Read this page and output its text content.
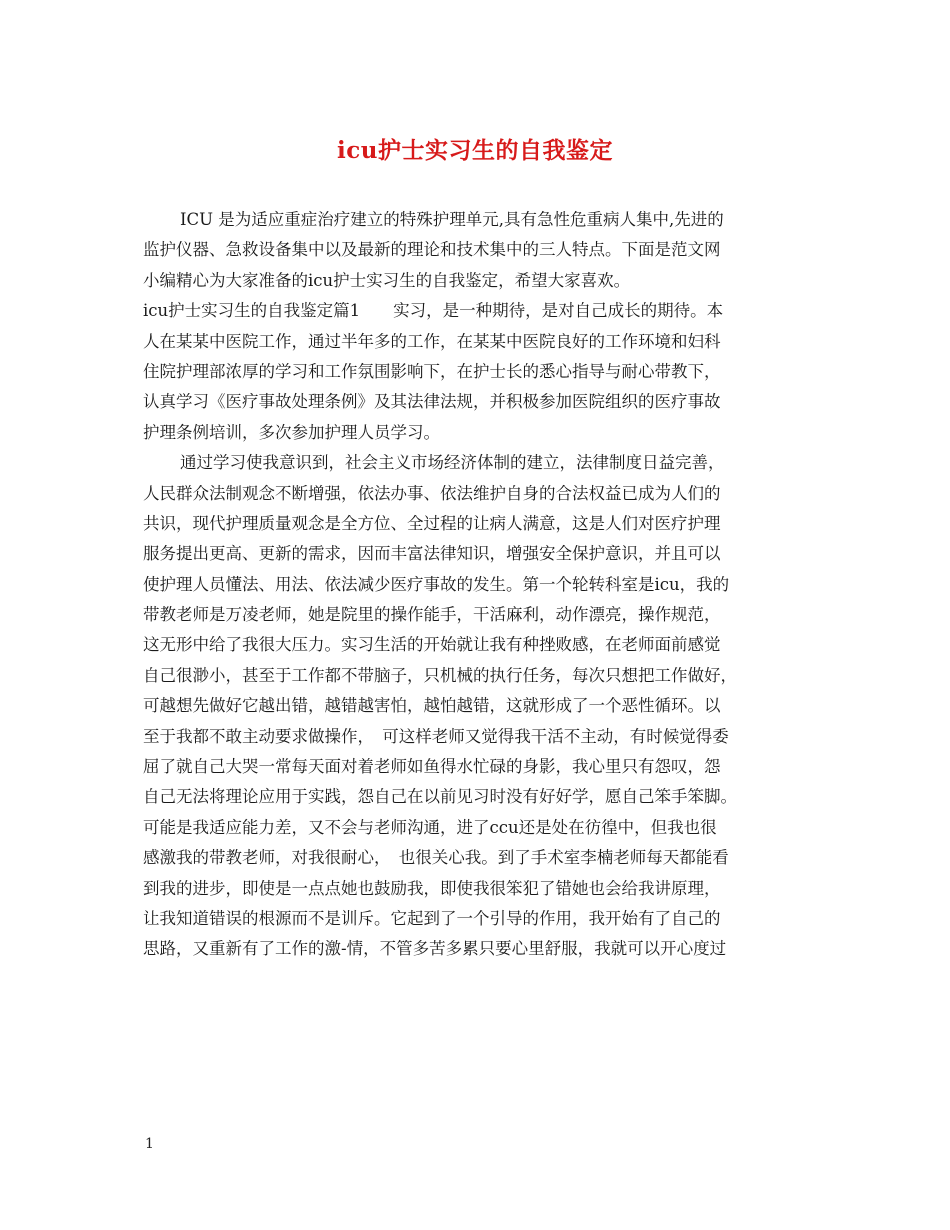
icu护士实习生的自我鉴定
ICU 是为适应重症治疗建立的特殊护理单元,具有急性危重病人集中,先进的
监护仪器、急救设备集中以及最新的理论和技术集中的三人特点。下面是范文网
小编精心为大家准备的icu护士实习生的自我鉴定，希望大家喜欢。
icu护士实习生的自我鉴定篇1　　实习，是一种期待，是对自己成长的期待。本
人在某某中医院工作，通过半年多的工作，在某某中医院良好的工作环境和妇科
住院护理部浓厚的学习和工作氛围影响下，在护士长的悉心指导与耐心带教下，
认真学习《医疗事故处理条例》及其法律法规，并积极参加医院组织的医疗事故
护理条例培训，多次参加护理人员学习。
通过学习使我意识到，社会主义市场经济体制的建立，法律制度日益完善，
人民群众法制观念不断增强，依法办事、依法维护自身的合法权益已成为人们的
共识，现代护理质量观念是全方位、全过程的让病人满意，这是人们对医疗护理
服务提出更高、更新的需求，因而丰富法律知识，增强安全保护意识，并且可以
使护理人员懂法、用法、依法减少医疗事故的发生。第一个轮转科室是icu，我的
带教老师是万凌老师，她是院里的操作能手，干活麻利，动作漂亮，操作规范，
这无形中给了我很大压力。实习生活的开始就让我有种挫败感，在老师面前感觉
自己很渺小，甚至于工作都不带脑子，只机械的执行任务，每次只想把工作做好，
可越想先做好它越出错，越错越害怕，越怕越错，这就形成了一个恶性循环。以
至于我都不敢主动要求做操作，　可这样老师又觉得我干活不主动，有时候觉得委
屈了就自己大哭一常每天面对着老师如鱼得水忙碌的身影，我心里只有怨叹，怨
自己无法将理论应用于实践，怨自己在以前见习时没有好好学，愿自己笨手笨脚。
可能是我适应能力差，又不会与老师沟通，进了ccu还是处在彷徨中，但我也很
感激我的带教老师，对我很耐心，　也很关心我。到了手术室李楠老师每天都能看
到我的进步，即使是一点点她也鼓励我，即使我很笨犯了错她也会给我讲原理，
让我知道错误的根源而不是训斥。它起到了一个引导的作用，我开始有了自己的
思路，又重新有了工作的激-情，不管多苦多累只要心里舒服，我就可以开心度过
1
